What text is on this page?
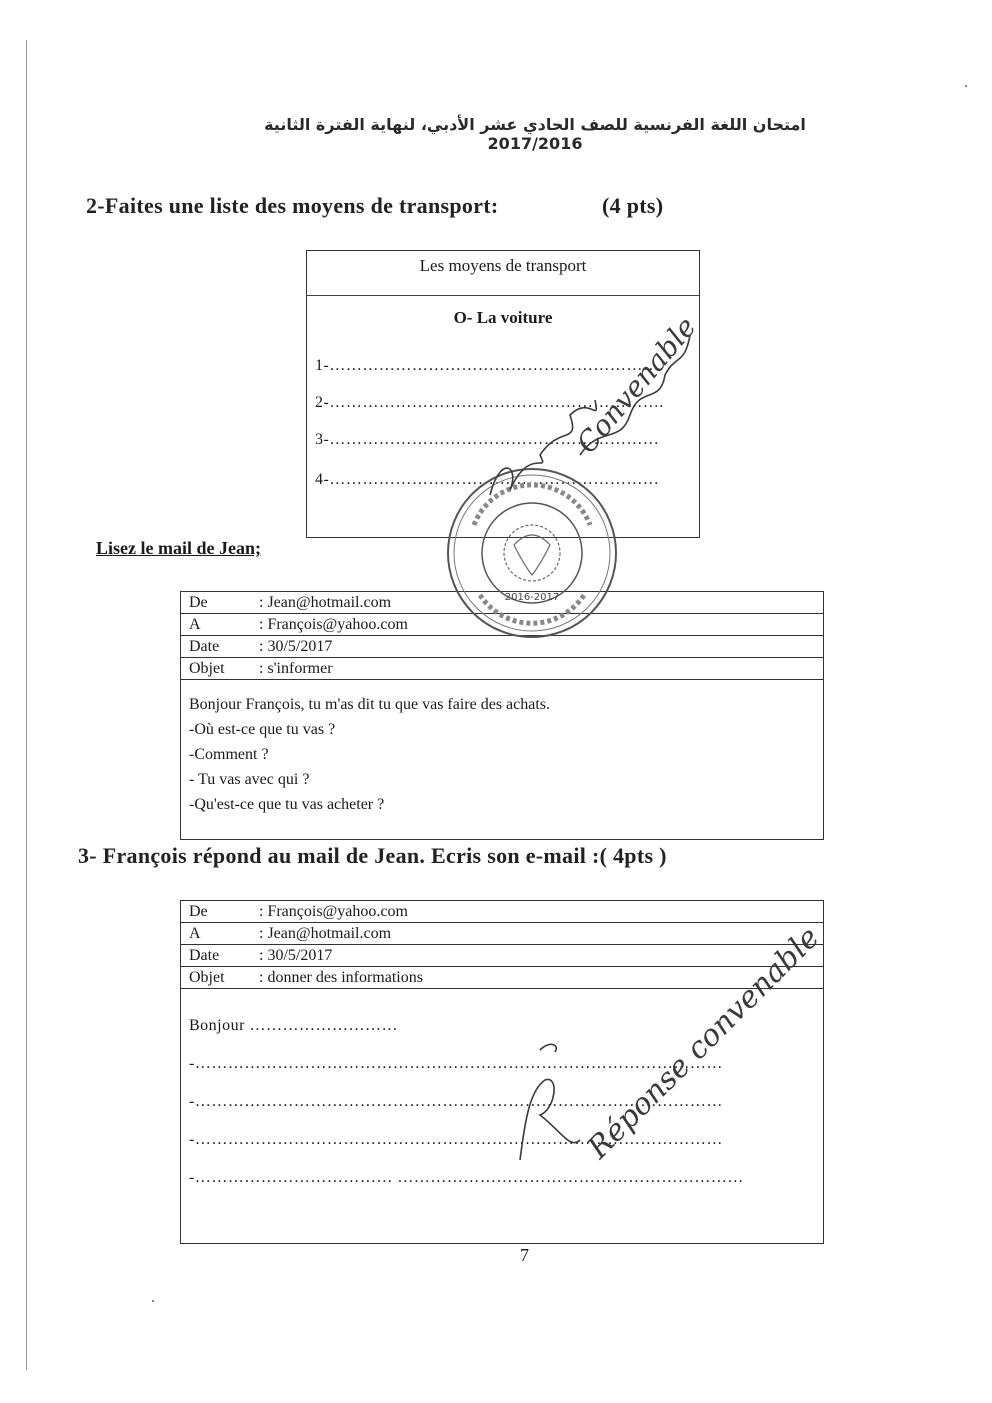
امتحان اللغة الفرنسية للصف الحادي عشر الأدبي، لنهاية الفترة الثانية 2017/2016
2-Faites une liste des moyens de transport:	(4 pts)
Les moyens de transport
O- La voiture
1-……………………………………………………
2-…………………………………………………….
3-……………………………………………………
4-……………………………………………………
Lisez le mail de Jean;
De	: Jean@hotmail.com
A	: François@yahoo.com
Date : 30/5/2017
Objet : s'informer
Bonjour François, tu m'as dit tu que vas faire des achats.
-Où est-ce que tu vas ?
-Comment ?
- Tu vas avec qui ?
-Qu'est-ce que tu vas acheter ?
3- François répond au mail de Jean. Ecris son e-mail :( 4pts )
De	: François@yahoo.com
A	: Jean@hotmail.com
Date : 30/5/2017
Objet : donner des informations
Bonjour ………………………
-……………………………………………………………………………………
-……………………………………………………………………………………
-……………………………………………………………………………………
-……………………………… ………………………………………………………
2016-2017
Convenable
Réponse convenable
7
